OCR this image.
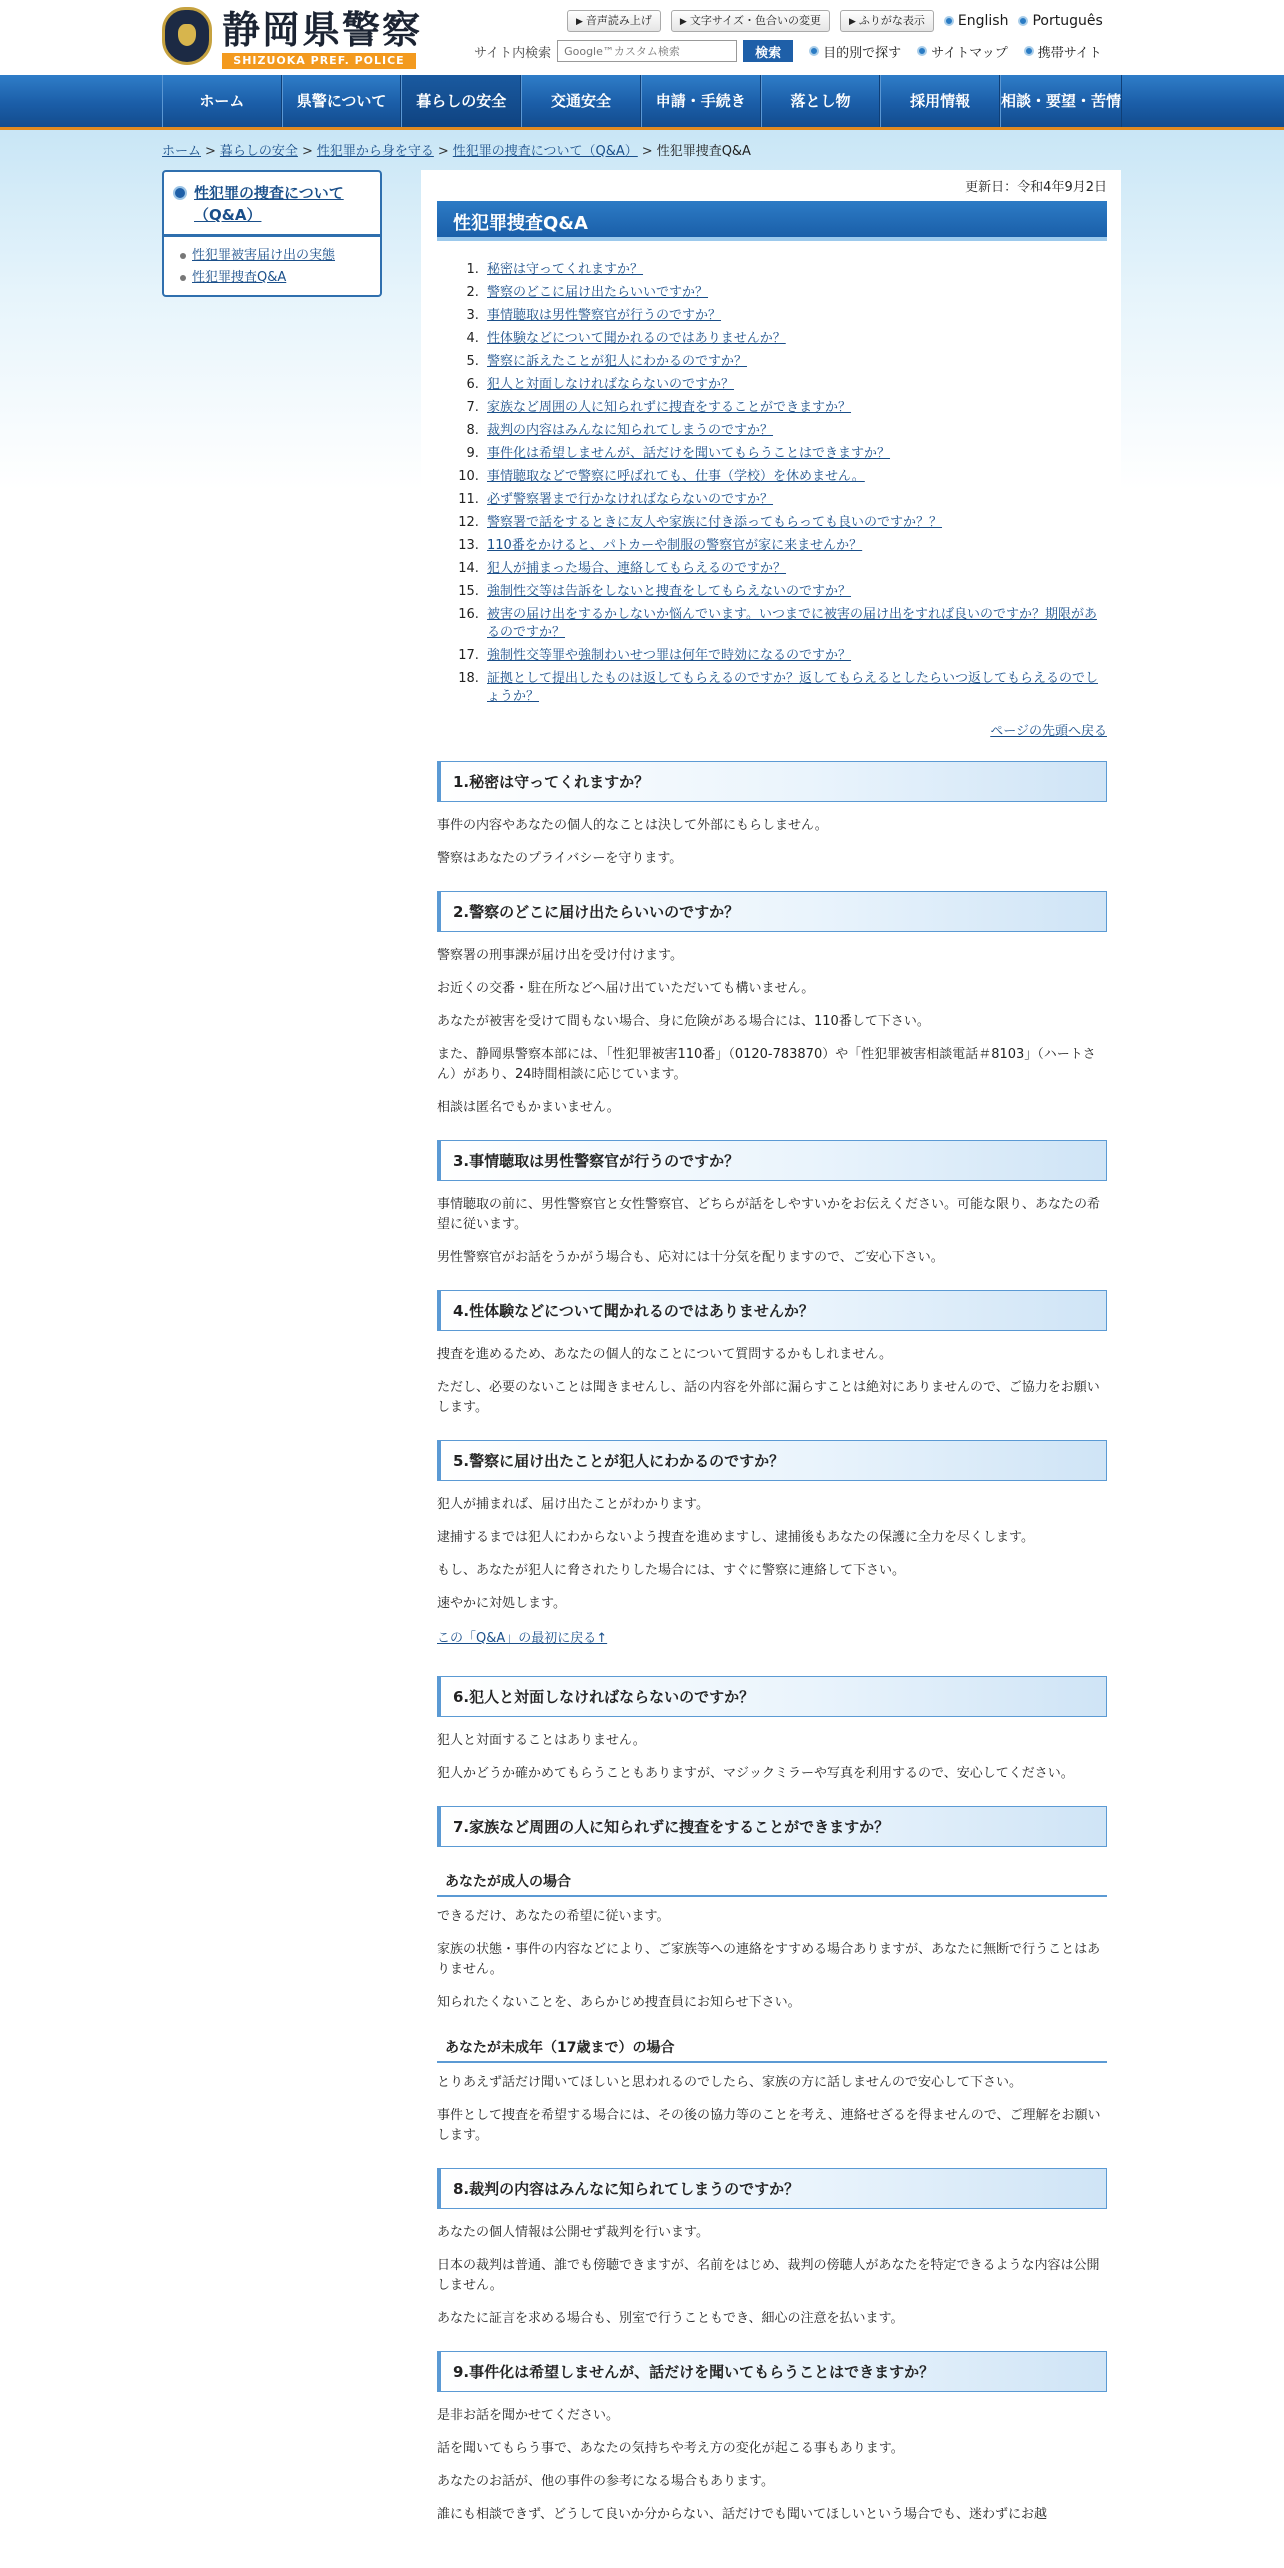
静岡県警察
SHIZUOKA PREF. POLICE
▶ 音声読み上げ	▶ 文字サイズ・色合いの変更	▶ ふりがな表示	English Português
サイト内検索
Google™カスタム検索	検索	目的別で探す サイトマップ 携帯サイト
ホーム	県警について	暮らしの安全	交通安全	申請・手続き	落とし物	採用情報	相談・要望・苦情
ホーム > 暮らしの安全 > 性犯罪から身を守る > 性犯罪の捜査について（Q&A） > 性犯罪捜査Q&A
性犯罪の捜査について（Q&A）
性犯罪被害届け出の実態
性犯罪捜査Q&A
更新日：令和4年9月2日
性犯罪捜査Q&A
1. 秘密は守ってくれますか？
2. 警察のどこに届け出たらいいですか？
3. 事情聴取は男性警察官が行うのですか？
4. 性体験などについて聞かれるのではありませんか？
5. 警察に訴えたことが犯人にわかるのですか？
6. 犯人と対面しなければならないのですか？
7. 家族など周囲の人に知られずに捜査をすることができますか？
8. 裁判の内容はみんなに知られてしまうのですか？
9. 事件化は希望しませんが、話だけを聞いてもらうことはできますか？
10. 事情聴取などで警察に呼ばれても、仕事（学校）を休めません。
11. 必ず警察署まで行かなければならないのですか？
12. 警察署で話をするときに友人や家族に付き添ってもらっても良いのですか？？
13. 110番をかけると、パトカーや制服の警察官が家に来ませんか？
14. 犯人が捕まった場合、連絡してもらえるのですか？
15. 強制性交等は告訴をしないと捜査をしてもらえないのですか？
16. 被害の届け出をするかしないか悩んでいます。いつまでに被害の届け出をすれば良いのですか？期限があるのですか？
17. 強制性交等罪や強制わいせつ罪は何年で時効になるのですか？
18. 証拠として提出したものは返してもらえるのですか？返してもらえるとしたらいつ返してもらえるのでしょうか？
ページの先頭へ戻る
1.秘密は守ってくれますか？

事件の内容やあなたの個人的なことは決して外部にもらしません。

警察はあなたのプライバシーを守ります。

2.警察のどこに届け出たらいいのですか？

警察署の刑事課が届け出を受け付けます。

お近くの交番・駐在所などへ届け出ていただいても構いません。

あなたが被害を受けて間もない場合、身に危険がある場合には、110番して下さい。

また、静岡県警察本部には、「性犯罪被害110番」（0120-783870）や「性犯罪被害相談電話＃8103」（ハートさん）があり、24時間相談に応じています。

相談は匿名でもかまいません。

3.事情聴取は男性警察官が行うのですか？

事情聴取の前に、男性警察官と女性警察官、どちらが話をしやすいかをお伝えください。可能な限り、あなたの希望に従います。

男性警察官がお話をうかがう場合も、応対には十分気を配りますので、ご安心下さい。

4.性体験などについて聞かれるのではありませんか？

捜査を進めるため、あなたの個人的なことについて質問するかもしれません。

ただし、必要のないことは聞きませんし、話の内容を外部に漏らすことは絶対にありませんので、ご協力をお願いします。

5.警察に届け出たことが犯人にわかるのですか？

犯人が捕まれば、届け出たことがわかります。

逮捕するまでは犯人にわからないよう捜査を進めますし、逮捕後もあなたの保護に全力を尽くします。

もし、あなたが犯人に脅されたりした場合には、すぐに警察に連絡して下さい。

速やかに対処します。

この「Q&A」の最初に戻る↑
6.犯人と対面しなければならないのですか？

犯人と対面することはありません。

犯人かどうか確かめてもらうこともありますが、マジックミラーや写真を利用するので、安心してください。

7.家族など周囲の人に知られずに捜査をすることができますか？
あなたが成人の場合

できるだけ、あなたの希望に従います。

家族の状態・事件の内容などにより、ご家族等への連絡をすすめる場合ありますが、あなたに無断で行うことはありません。

知られたくないことを、あらかじめ捜査員にお知らせ下さい。

あなたが未成年（17歳まで）の場合

とりあえず話だけ聞いてほしいと思われるのでしたら、家族の方に話しませんので安心して下さい。

事件として捜査を希望する場合には、その後の協力等のことを考え、連絡せざるを得ませんので、ご理解をお願いします。

8.裁判の内容はみんなに知られてしまうのですか？

あなたの個人情報は公開せず裁判を行います。

日本の裁判は普通、誰でも傍聴できますが、名前をはじめ、裁判の傍聴人があなたを特定できるような内容は公開しません。

あなたに証言を求める場合も、別室で行うこともでき、細心の注意を払います。

9.事件化は希望しませんが、話だけを聞いてもらうことはできますか？

是非お話を聞かせてください。

話を聞いてもらう事で、あなたの気持ちや考え方の変化が起こる事もあります。

あなたのお話が、他の事件の参考になる場合もあります。

誰にも相談できず、どうして良いか分からない、話だけでも聞いてほしいという場合でも、迷わずにお越
